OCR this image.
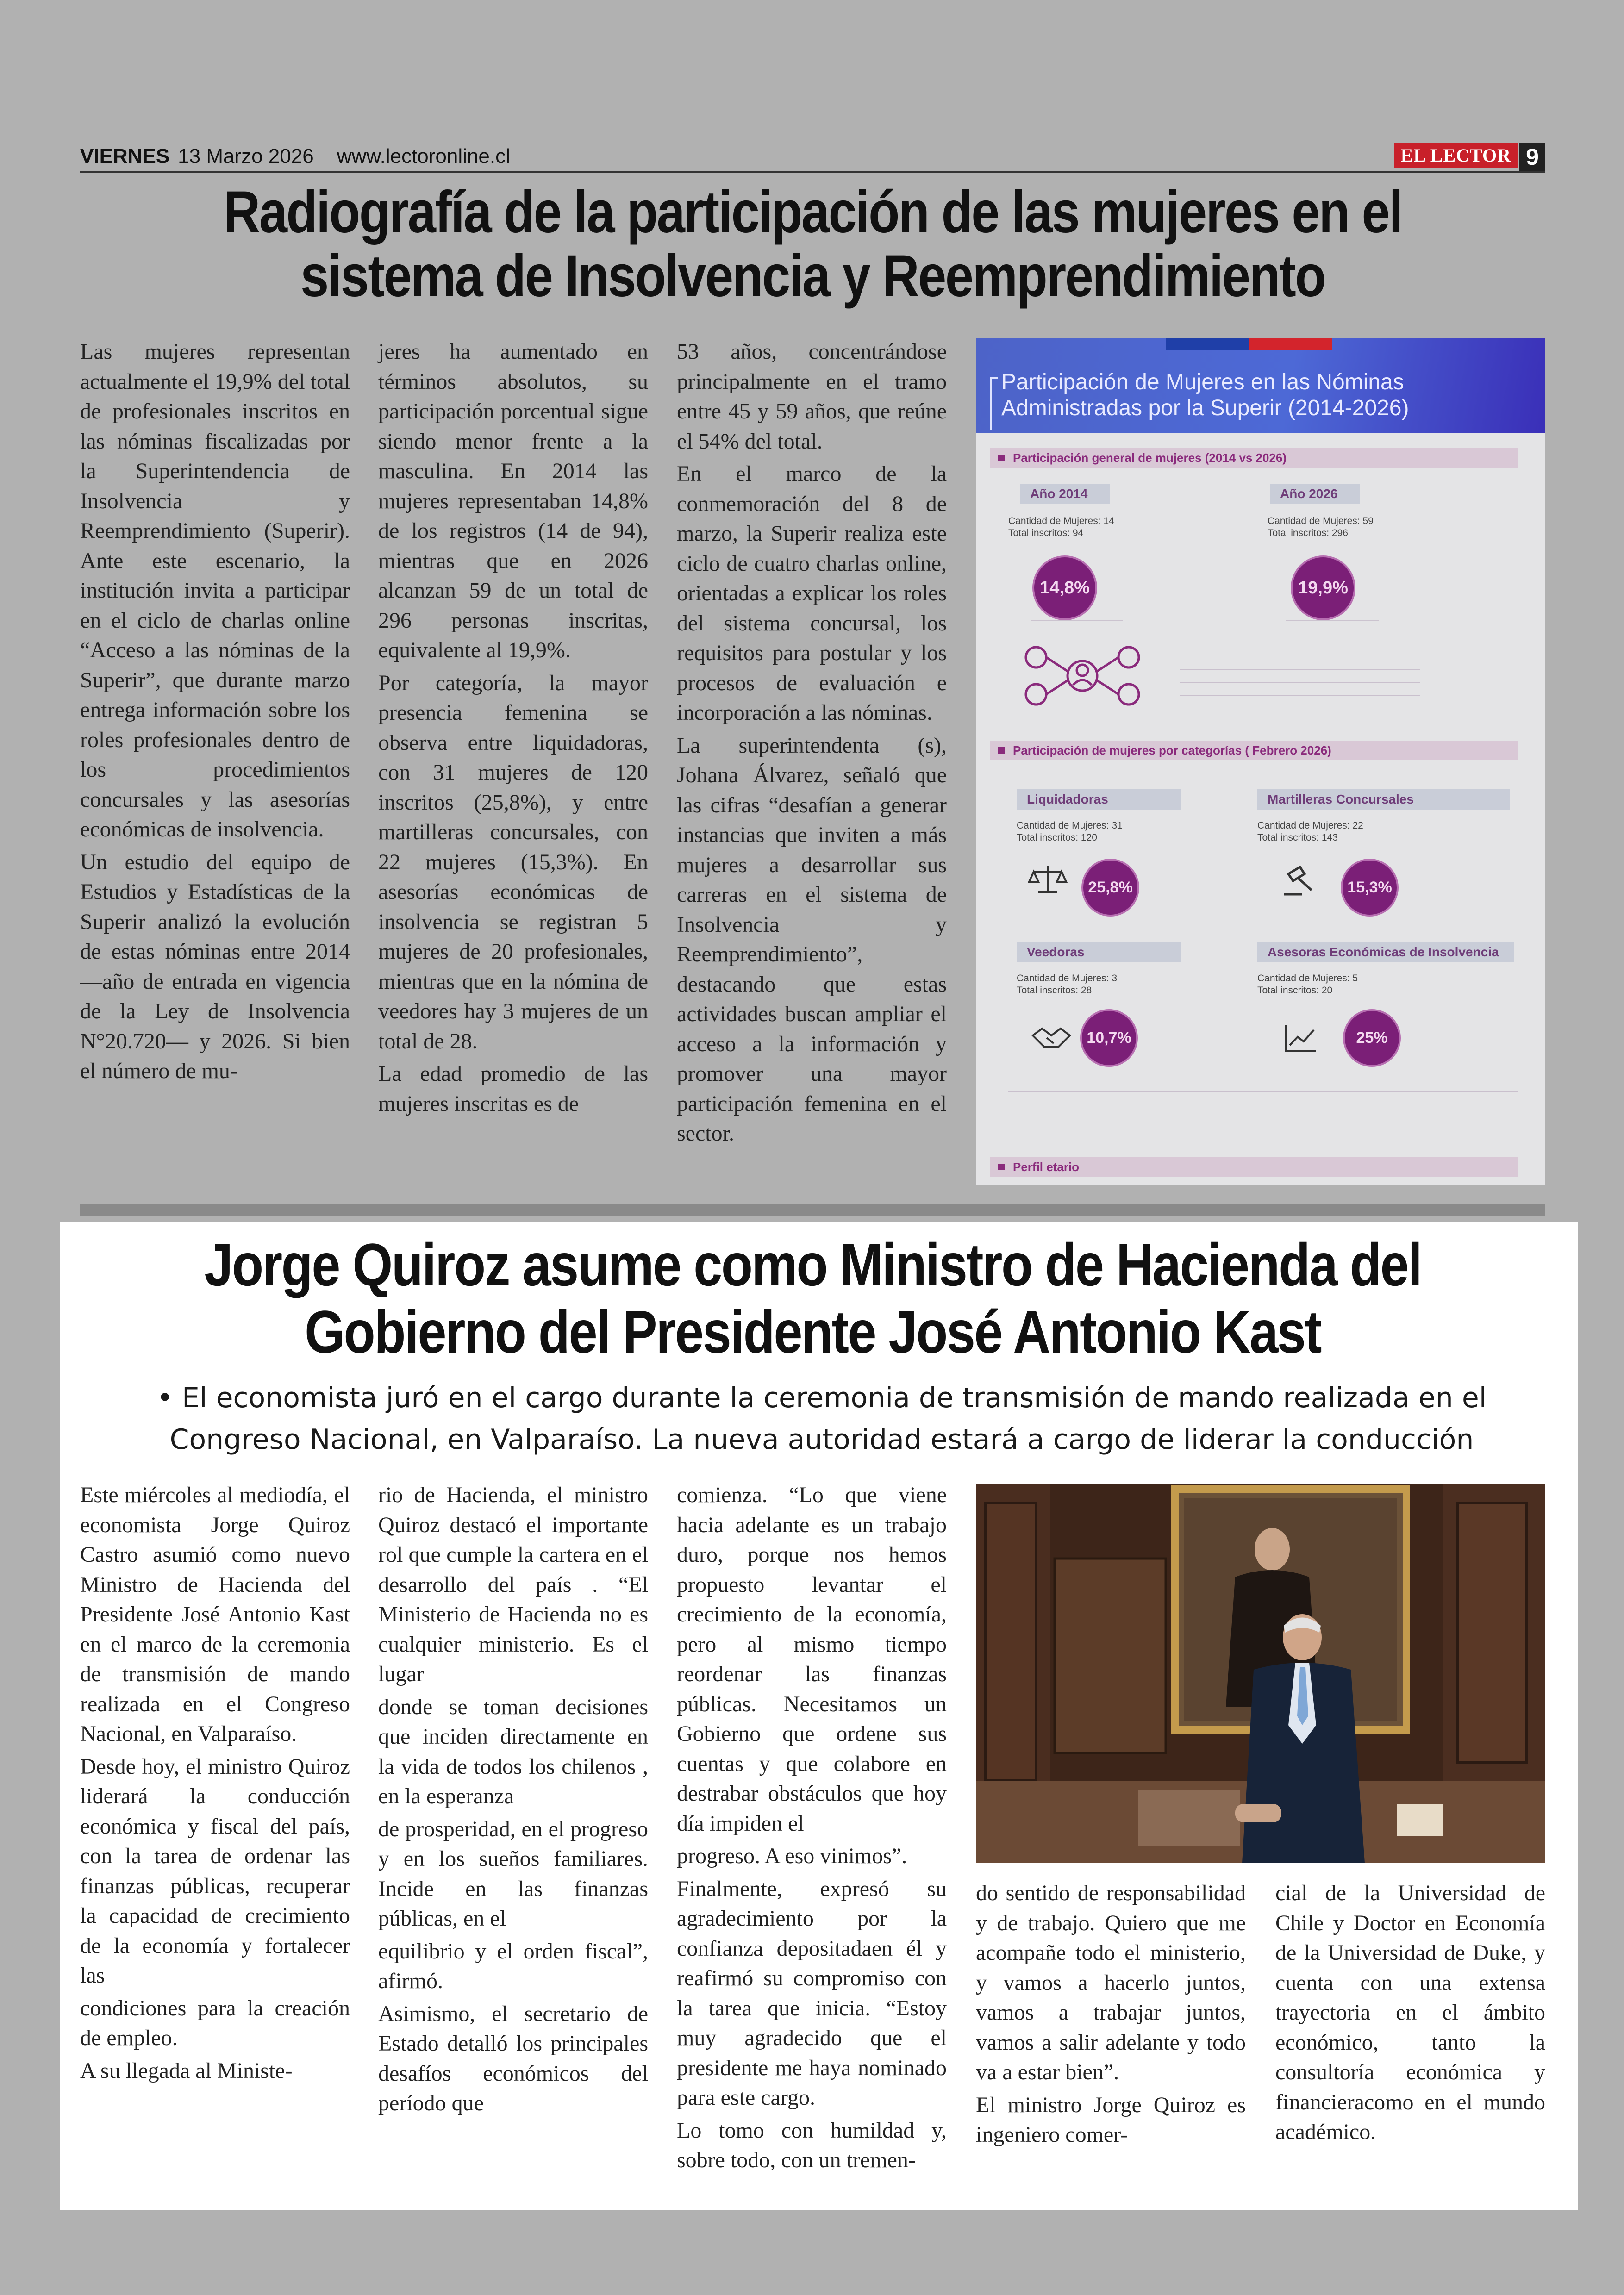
VIERNES 13 Marzo 2026 www.lectoronline.cl	EL LECTOR 9
Radiografía de la participación de las mujeres en el sistema de Insolvencia y Reemprendimiento

Las mujeres representan actualmente el 19,9% del total de profesionales inscritos en las nóminas fiscalizadas por la Superintendencia de Insolvencia y Reemprendimiento (Superir). Ante este escenario, la institución invita a participar en el ciclo de charlas online “Acceso a las nóminas de la Superir”, que durante marzo entrega información sobre los roles profesionales dentro de los procedimientos concursales y las asesorías económicas de insolvencia.

Un estudio del equipo de Estudios y Estadísticas de la Superir analizó la evolución de estas nóminas entre 2014 —año de entrada en vigencia de la Ley de Insolvencia N°20.720— y 2026. Si bien el número de mu-

jeres ha aumentado en términos absolutos, su participación porcentual sigue siendo menor frente a la masculina. En 2014 las mujeres representaban 14,8% de los registros (14 de 94), mientras que en 2026 alcanzan 59 de un total de 296 personas inscritas, equivalente al 19,9%.

Por categoría, la mayor presencia femenina se observa entre liquidadoras, con 31 mujeres de 120 inscritos (25,8%), y entre martilleras concursales, con 22 mujeres (15,3%). En asesorías económicas de insolvencia se registran 5 mujeres de 20 profesionales, mientras que en la nómina de veedores hay 3 mujeres de un total de 28.

La edad promedio de las mujeres inscritas es de

53 años, concentrándose principalmente en el tramo entre 45 y 59 años, que reúne el 54% del total.

En el marco de la conmemoración del 8 de marzo, la Superir realiza este ciclo de cuatro charlas online, orientadas a explicar los roles del sistema concursal, los requisitos para postular y los procesos de evaluación e incorporación a las nóminas.

La superintendenta (s), Johana Álvarez, señaló que las cifras “desafían a generar instancias que inviten a más mujeres a desarrollar sus carreras en el sistema de Insolvencia y Reemprendimiento”, destacando que estas actividades buscan ampliar el acceso a la información y promover una mayor participación femenina en el sector.

Participación de Mujeres en las Nóminas Administradas por la Superir (2014-2026)
Participación general de mujeres (2014 vs 2026)
Año 2014
Cantidad de Mujeres: 14
Total inscritos: 94
14,8%
Año 2026
Cantidad de Mujeres: 59
Total inscritos: 296
19,9%
Participación de mujeres por categorías ( Febrero 2026)
Liquidadoras
Cantidad de Mujeres: 31
Total inscritos: 120
25,8%
Martilleras Concursales
Cantidad de Mujeres: 22
Total inscritos: 143
15,3%
Veedoras
Cantidad de Mujeres: 3
Total inscritos: 28
10,7%
Asesoras Económicas de Insolvencia
Cantidad de Mujeres: 5
Total inscritos: 20
25%
Perfil etario
Jorge Quiroz asume como Ministro de Hacienda del Gobierno del Presidente José Antonio Kast
• El economista juró en el cargo durante la ceremonia de transmisión de mando realizada en el Congreso Nacional, en Valparaíso. La nueva autoridad estará a cargo de liderar la conducción

Este miércoles al mediodía, el economista Jorge Quiroz Castro asumió como nuevo Ministro de Hacienda del Presidente José Antonio Kast en el marco de la ceremonia de transmisión de mando realizada en el Congreso Nacional, en Valparaíso.

Desde hoy, el ministro Quiroz liderará la conducción económica y fiscal del país, con la tarea de ordenar las finanzas públicas, recuperar la capacidad de crecimiento de la economía y fortalecer las

condiciones para la creación de empleo.

A su llegada al Ministe-

rio de Hacienda, el ministro Quiroz destacó el importante rol que cumple la cartera en el desarrollo del país . “El Ministerio de Hacienda no es cualquier ministerio. Es el lugar

donde se toman decisiones que inciden directamente en la vida de todos los chilenos , en la esperanza

de prosperidad, en el progreso y en los sueños familiares. Incide en las finanzas públicas, en el

equilibrio y el orden fiscal”, afirmó.

Asimismo, el secretario de Estado detalló los principales desafíos económicos del período que

comienza. “Lo que viene hacia adelante es un trabajo duro, porque nos hemos propuesto levantar el crecimiento de la economía, pero al mismo tiempo reordenar las finanzas públicas. Necesitamos un Gobierno que ordene sus cuentas y que colabore en destrabar obstáculos que hoy día impiden el

progreso. A eso vinimos”.

Finalmente, expresó su agradecimiento por la confianza depositadaen él y reafirmó su compromiso con la tarea que inicia. “Estoy muy agradecido que el presidente me haya nominado para este cargo.

Lo tomo con humildad y, sobre todo, con un tremen-

do sentido de responsabilidad y de trabajo. Quiero que me acompañe todo el ministerio, y vamos a hacerlo juntos, vamos a trabajar juntos, vamos a salir adelante y todo va a estar bien”.

El ministro Jorge Quiroz es ingeniero comer-

cial de la Universidad de Chile y Doctor en Economía de la Universidad de Duke, y cuenta con una extensa trayectoria en el ámbito económico, tanto la consultoría económica y financieracomo en el mundo académico.
